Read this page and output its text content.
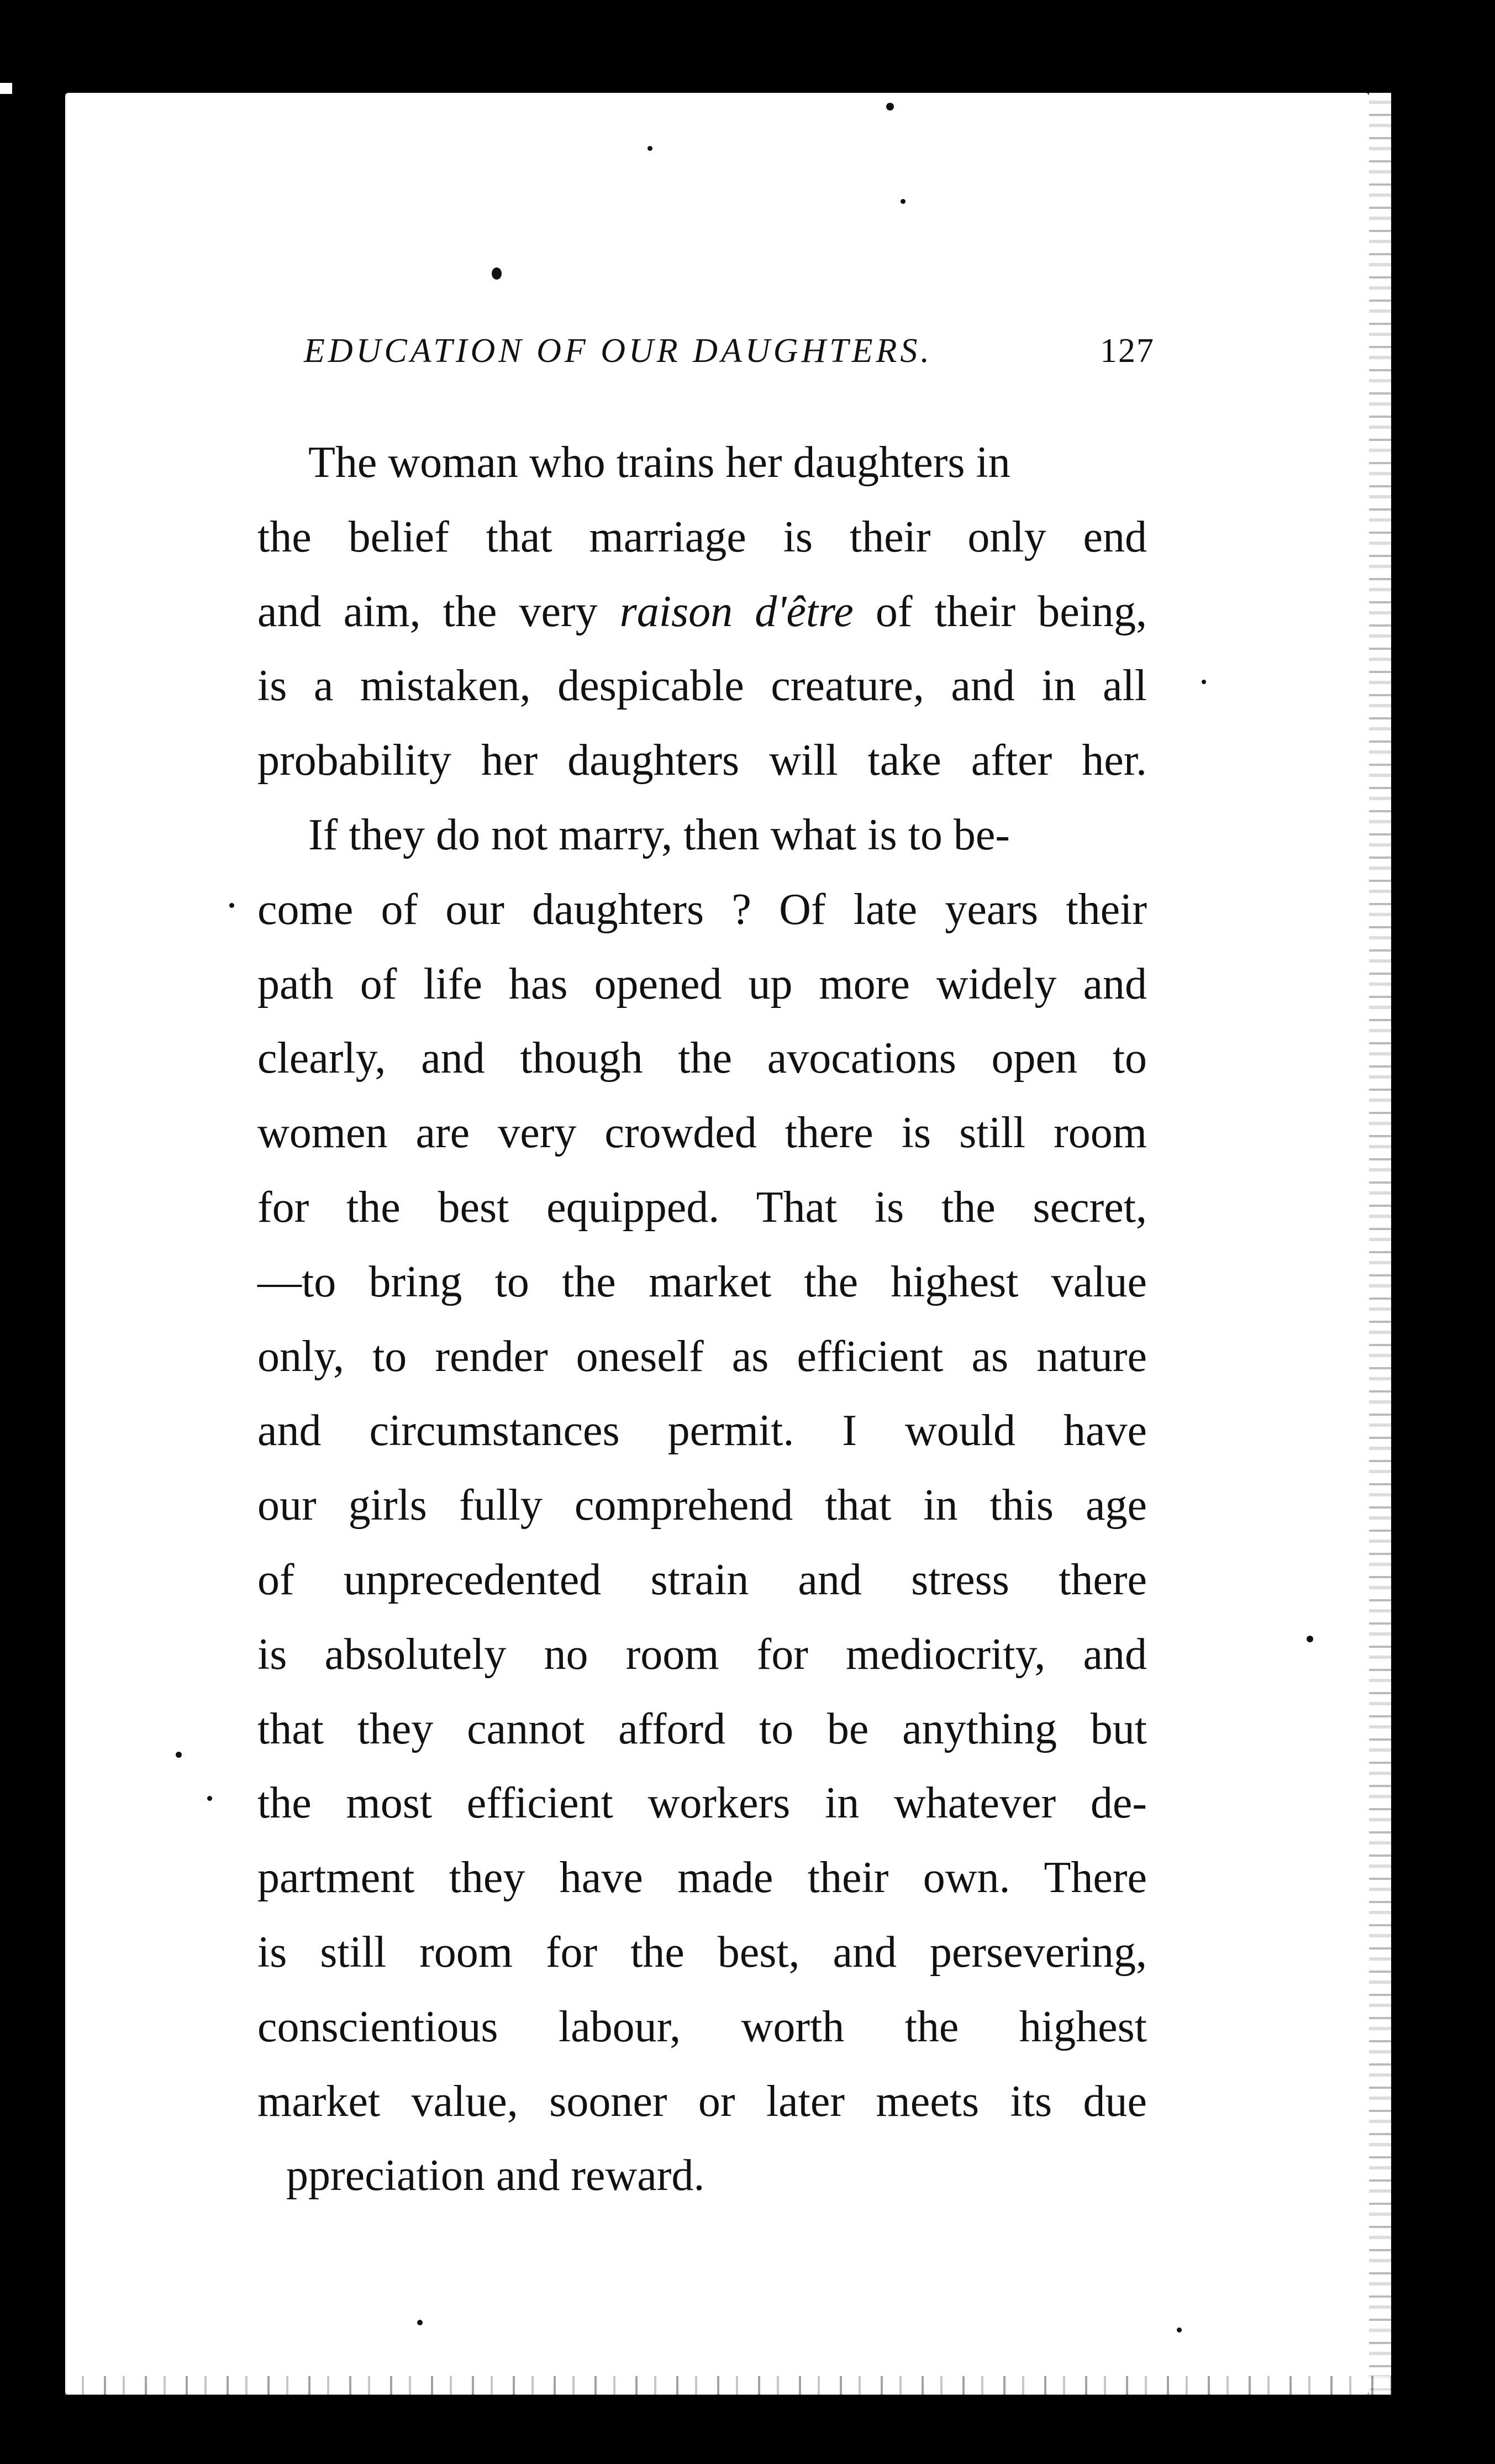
EDUCATION OF OUR DAUGHTERS.	127
The woman who trains her daughters in
the belief that marriage is their only end
and aim, the very raison d'être of their being,
is a mistaken, despicable creature, and in all
probability her daughters will take after her.
If they do not marry, then what is to be-
come of our daughters ? Of late years their
path of life has opened up more widely and
clearly, and though the avocations open to
women are very crowded there is still room
for the best equipped. That is the secret,
—to bring to the market the highest value
only, to render oneself as efficient as nature
and circumstances permit. I would have
our girls fully comprehend that in this age
of unprecedented strain and stress there
is absolutely no room for mediocrity, and
that they cannot afford to be anything but
the most efficient workers in whatever de-
partment they have made their own. There
is still room for the best, and persevering,
conscientious labour, worth the highest
market value, sooner or later meets its due
ppreciation and reward.
